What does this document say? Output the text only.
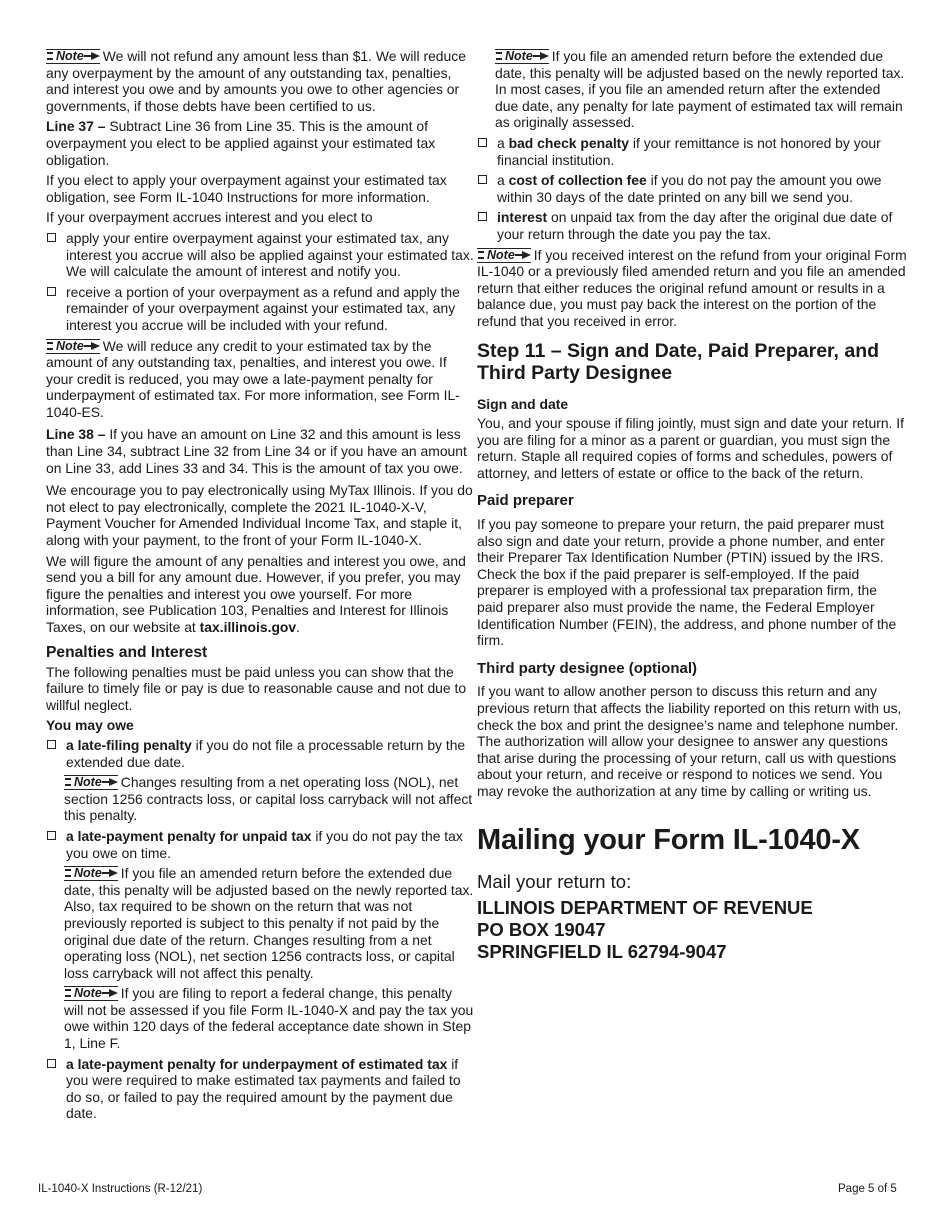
Note We will not refund any amount less than $1. We will reduce any overpayment by the amount of any outstanding tax, penalties, and interest you owe and by amounts you owe to other agencies or governments, if those debts have been certified to us.

Line 37 – Subtract Line 36 from Line 35. This is the amount of overpayment you elect to be applied against your estimated tax obligation.

If you elect to apply your overpayment against your estimated tax obligation, see Form IL-1040 Instructions for more information.

If your overpayment accrues interest and you elect to

apply your entire overpayment against your estimated tax, any interest you accrue will also be applied against your estimated tax. We will calculate the amount of interest and notify you.
receive a portion of your overpayment as a refund and apply the remainder of your overpayment against your estimated tax, any interest you accrue will be included with your refund.

Note We will reduce any credit to your estimated tax by the amount of any outstanding tax, penalties, and interest you owe. If your credit is reduced, you may owe a late-payment penalty for underpayment of estimated tax. For more information, see Form IL-1040-ES.

Line 38 – If you have an amount on Line 32 and this amount is less than Line 34, subtract Line 32 from Line 34 or if you have an amount on Line 33, add Lines 33 and 34. This is the amount of tax you owe.

We encourage you to pay electronically using MyTax Illinois. If you do not elect to pay electronically, complete the 2021 IL-1040-X-V, Payment Voucher for Amended Individual Income Tax, and staple it, along with your payment, to the front of your Form IL-1040-X.

We will figure the amount of any penalties and interest you owe, and send you a bill for any amount due. However, if you prefer, you may figure the penalties and interest you owe yourself. For more information, see Publication 103, Penalties and Interest for Illinois Taxes, on our website at tax.illinois.gov.

Penalties and Interest

The following penalties must be paid unless you can show that the failure to timely file or pay is due to reasonable cause and not due to willful neglect.

You may owe
a late-filing penalty if you do not file a processable return by the extended due date.

Note Changes resulting from a net operating loss (NOL), net section 1256 contracts loss, or capital loss carryback will not affect this penalty.

a late-payment penalty for unpaid tax if you do not pay the tax you owe on time.

Note If you file an amended return before the extended due date, this penalty will be adjusted based on the newly reported tax. Also, tax required to be shown on the return that was not previously reported is subject to this penalty if not paid by the original due date of the return. Changes resulting from a net operating loss (NOL), net section 1256 contracts loss, or capital loss carryback will not affect this penalty.

Note If you are filing to report a federal change, this penalty will not be assessed if you file Form IL-1040-X and pay the tax you owe within 120 days of the federal acceptance date shown in Step 1, Line F.

a late-payment penalty for underpayment of estimated tax if you were required to make estimated tax payments and failed to do so, or failed to pay the required amount by the payment due date.

Note If you file an amended return before the extended due date, this penalty will be adjusted based on the newly reported tax. In most cases, if you file an amended return after the extended due date, any penalty for late payment of estimated tax will remain as originally assessed.

a bad check penalty if your remittance is not honored by your financial institution.
a cost of collection fee if you do not pay the amount you owe within 30 days of the date printed on any bill we send you.
interest on unpaid tax from the day after the original due date of your return through the date you pay the tax.

Note If you received interest on the refund from your original Form IL-1040 or a previously filed amended return and you file an amended return that either reduces the original refund amount or results in a balance due, you must pay back the interest on the portion of the refund that you received in error.

Step 11 – Sign and Date, Paid Preparer, and Third Party Designee
Sign and date

You, and your spouse if filing jointly, must sign and date your return. If you are filing for a minor as a parent or guardian, you must sign the return. Staple all required copies of forms and schedules, powers of attorney, and letters of estate or office to the back of the return.

Paid preparer

If you pay someone to prepare your return, the paid preparer must also sign and date your return, provide a phone number, and enter their Preparer Tax Identification Number (PTIN) issued by the IRS. Check the box if the paid preparer is self-employed. If the paid preparer is employed with a professional tax preparation firm, the paid preparer also must provide the name, the Federal Employer Identification Number (FEIN), the address, and phone number of the firm.

Third party designee (optional)

If you want to allow another person to discuss this return and any previous return that affects the liability reported on this return with us, check the box and print the designee’s name and telephone number. The authorization will allow your designee to answer any questions that arise during the processing of your return, call us with questions about your return, and receive or respond to notices we send. You may revoke the authorization at any time by calling or writing us.

Mailing your Form IL-1040-X
Mail your return to:
ILLINOIS DEPARTMENT OF REVENUE
PO BOX 19047
SPRINGFIELD IL 62794-9047
IL-1040-X Instructions (R-12/21)	Page 5 of 5
